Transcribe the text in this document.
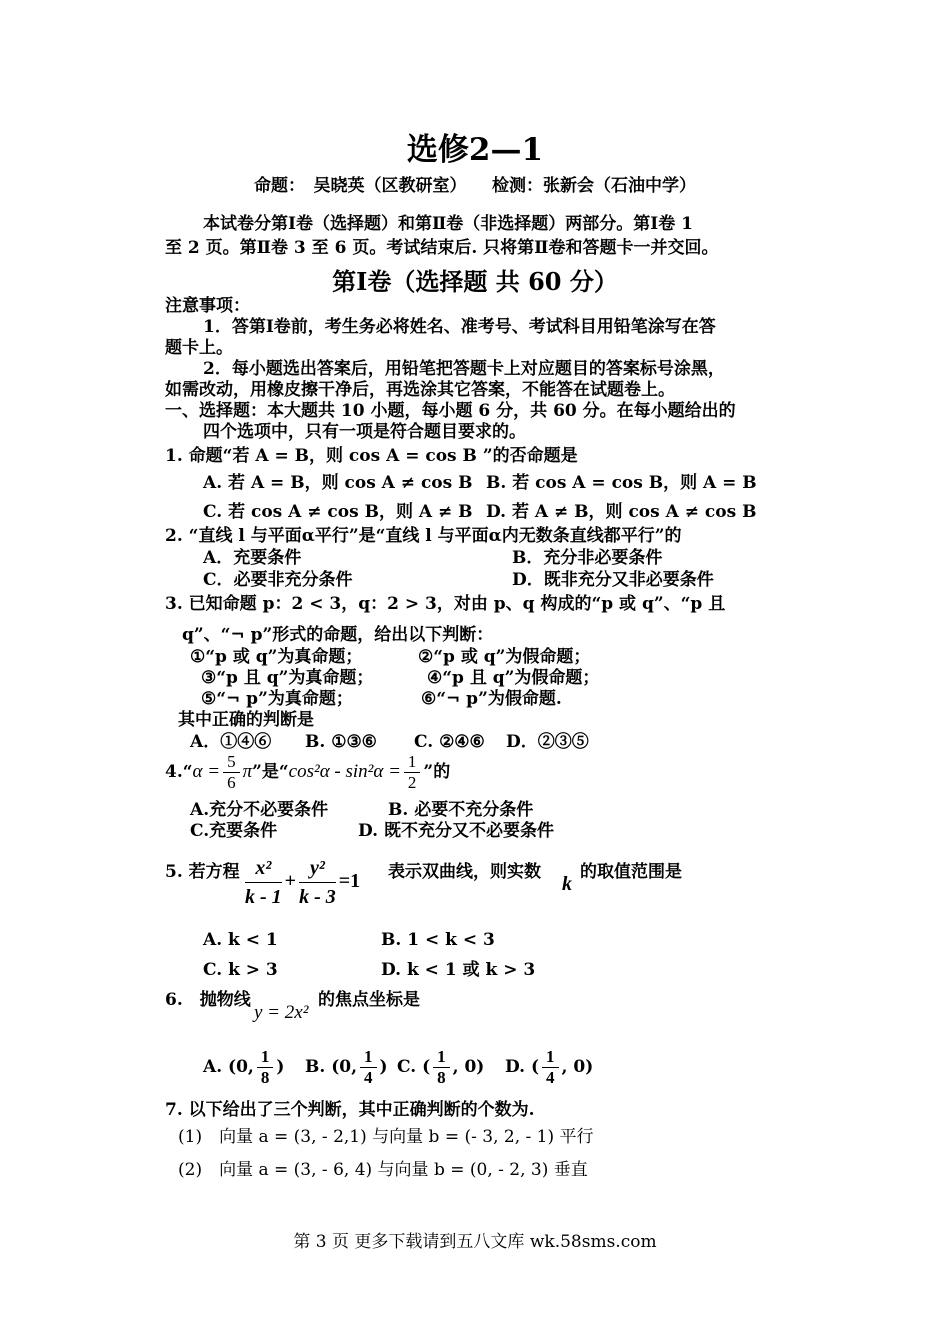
选修2—1
命题：　吴晓英（区教研室）　　检测：张新会（石油中学）
本试卷分第Ⅰ卷（选择题）和第Ⅱ卷（非选择题）两部分。第Ⅰ卷 1
至 2 页。第Ⅱ卷 3 至 6 页。考试结束后. 只将第Ⅱ卷和答题卡一并交回。
第Ⅰ卷（选择题 共 60 分）
注意事项：
1．答第Ⅰ卷前，考生务必将姓名、准考号、考试科目用铅笔涂写在答
题卡上。
2．每小题选出答案后，用铅笔把答题卡上对应题目的答案标号涂黑，
如需改动，用橡皮擦干净后，再选涂其它答案，不能答在试题卷上。
一、选择题：本大题共 10 小题，每小题 6 分，共 60 分。在每小题给出的
四个选项中，只有一项是符合题目要求的。
1. 命题“若 A = B，则 cos A = cos B ”的否命题是
A. 若 A = B，则 cos A ≠ cos B B. 若 cos A = cos B，则 A = B
C. 若 cos A ≠ cos B，则 A ≠ B D. 若 A ≠ B，则 cos A ≠ cos B
2. “直线 l 与平面α平行”是“直线 l 与平面α内无数条直线都平行”的
A．充要条件	B．充分非必要条件
C．必要非充分条件	D．既非充分又非必要条件
3. 已知命题 p：2 < 3，q：2 > 3，对由 p、q 构成的“p 或 q”、“p 且
q”、“¬ p”形式的命题，给出以下判断：
①“p 或 q”为真命题；	②“p 或 q”为假命题；
③“p 且 q”为真命题；	④“p 且 q”为假命题；
⑤“¬ p”为真命题；	⑥“¬ p”为假命题.
其中正确的判断是
A．①④⑥ B. ①③⑥ C. ②④⑥ D．②③⑤
4.“α = $\frac{5}{6} \pi$”是“$\cos^2\alpha - \sin^2\alpha = \frac{1}{2}$ ”的
A.充分不必要条件	B. 必要不充分条件
C.充要条件	D. 既不充分又不必要条件
5. 若方程 $\frac{\text{x²}}{k - 1} + \frac{\text{y²}}{k - 3} =1$ 表示双曲线，则实数
k
的取值范围是
A. k < 1	B. 1 < k < 3
C. k > 3	D. k < 1 或 k > 3
6.　抛物线
y = 2x²
的焦点坐标是
A. (0, $\frac{1}{8}$ ) B. (0, $\frac{1}{4}$ ) C. ( $\frac{1}{8}$ , 0) D. ( $\frac{1}{4}$ , 0)
7. 以下给出了三个判断，其中正确判断的个数为.
(1)　向量 a = (3, - 2,1) 与向量 b = (- 3, 2, - 1) 平行
(2)　向量 a = (3, - 6, 4) 与向量 b = (0, - 2, 3) 垂直
第 3 页 更多下载请到五八文库 wk.58sms.com
